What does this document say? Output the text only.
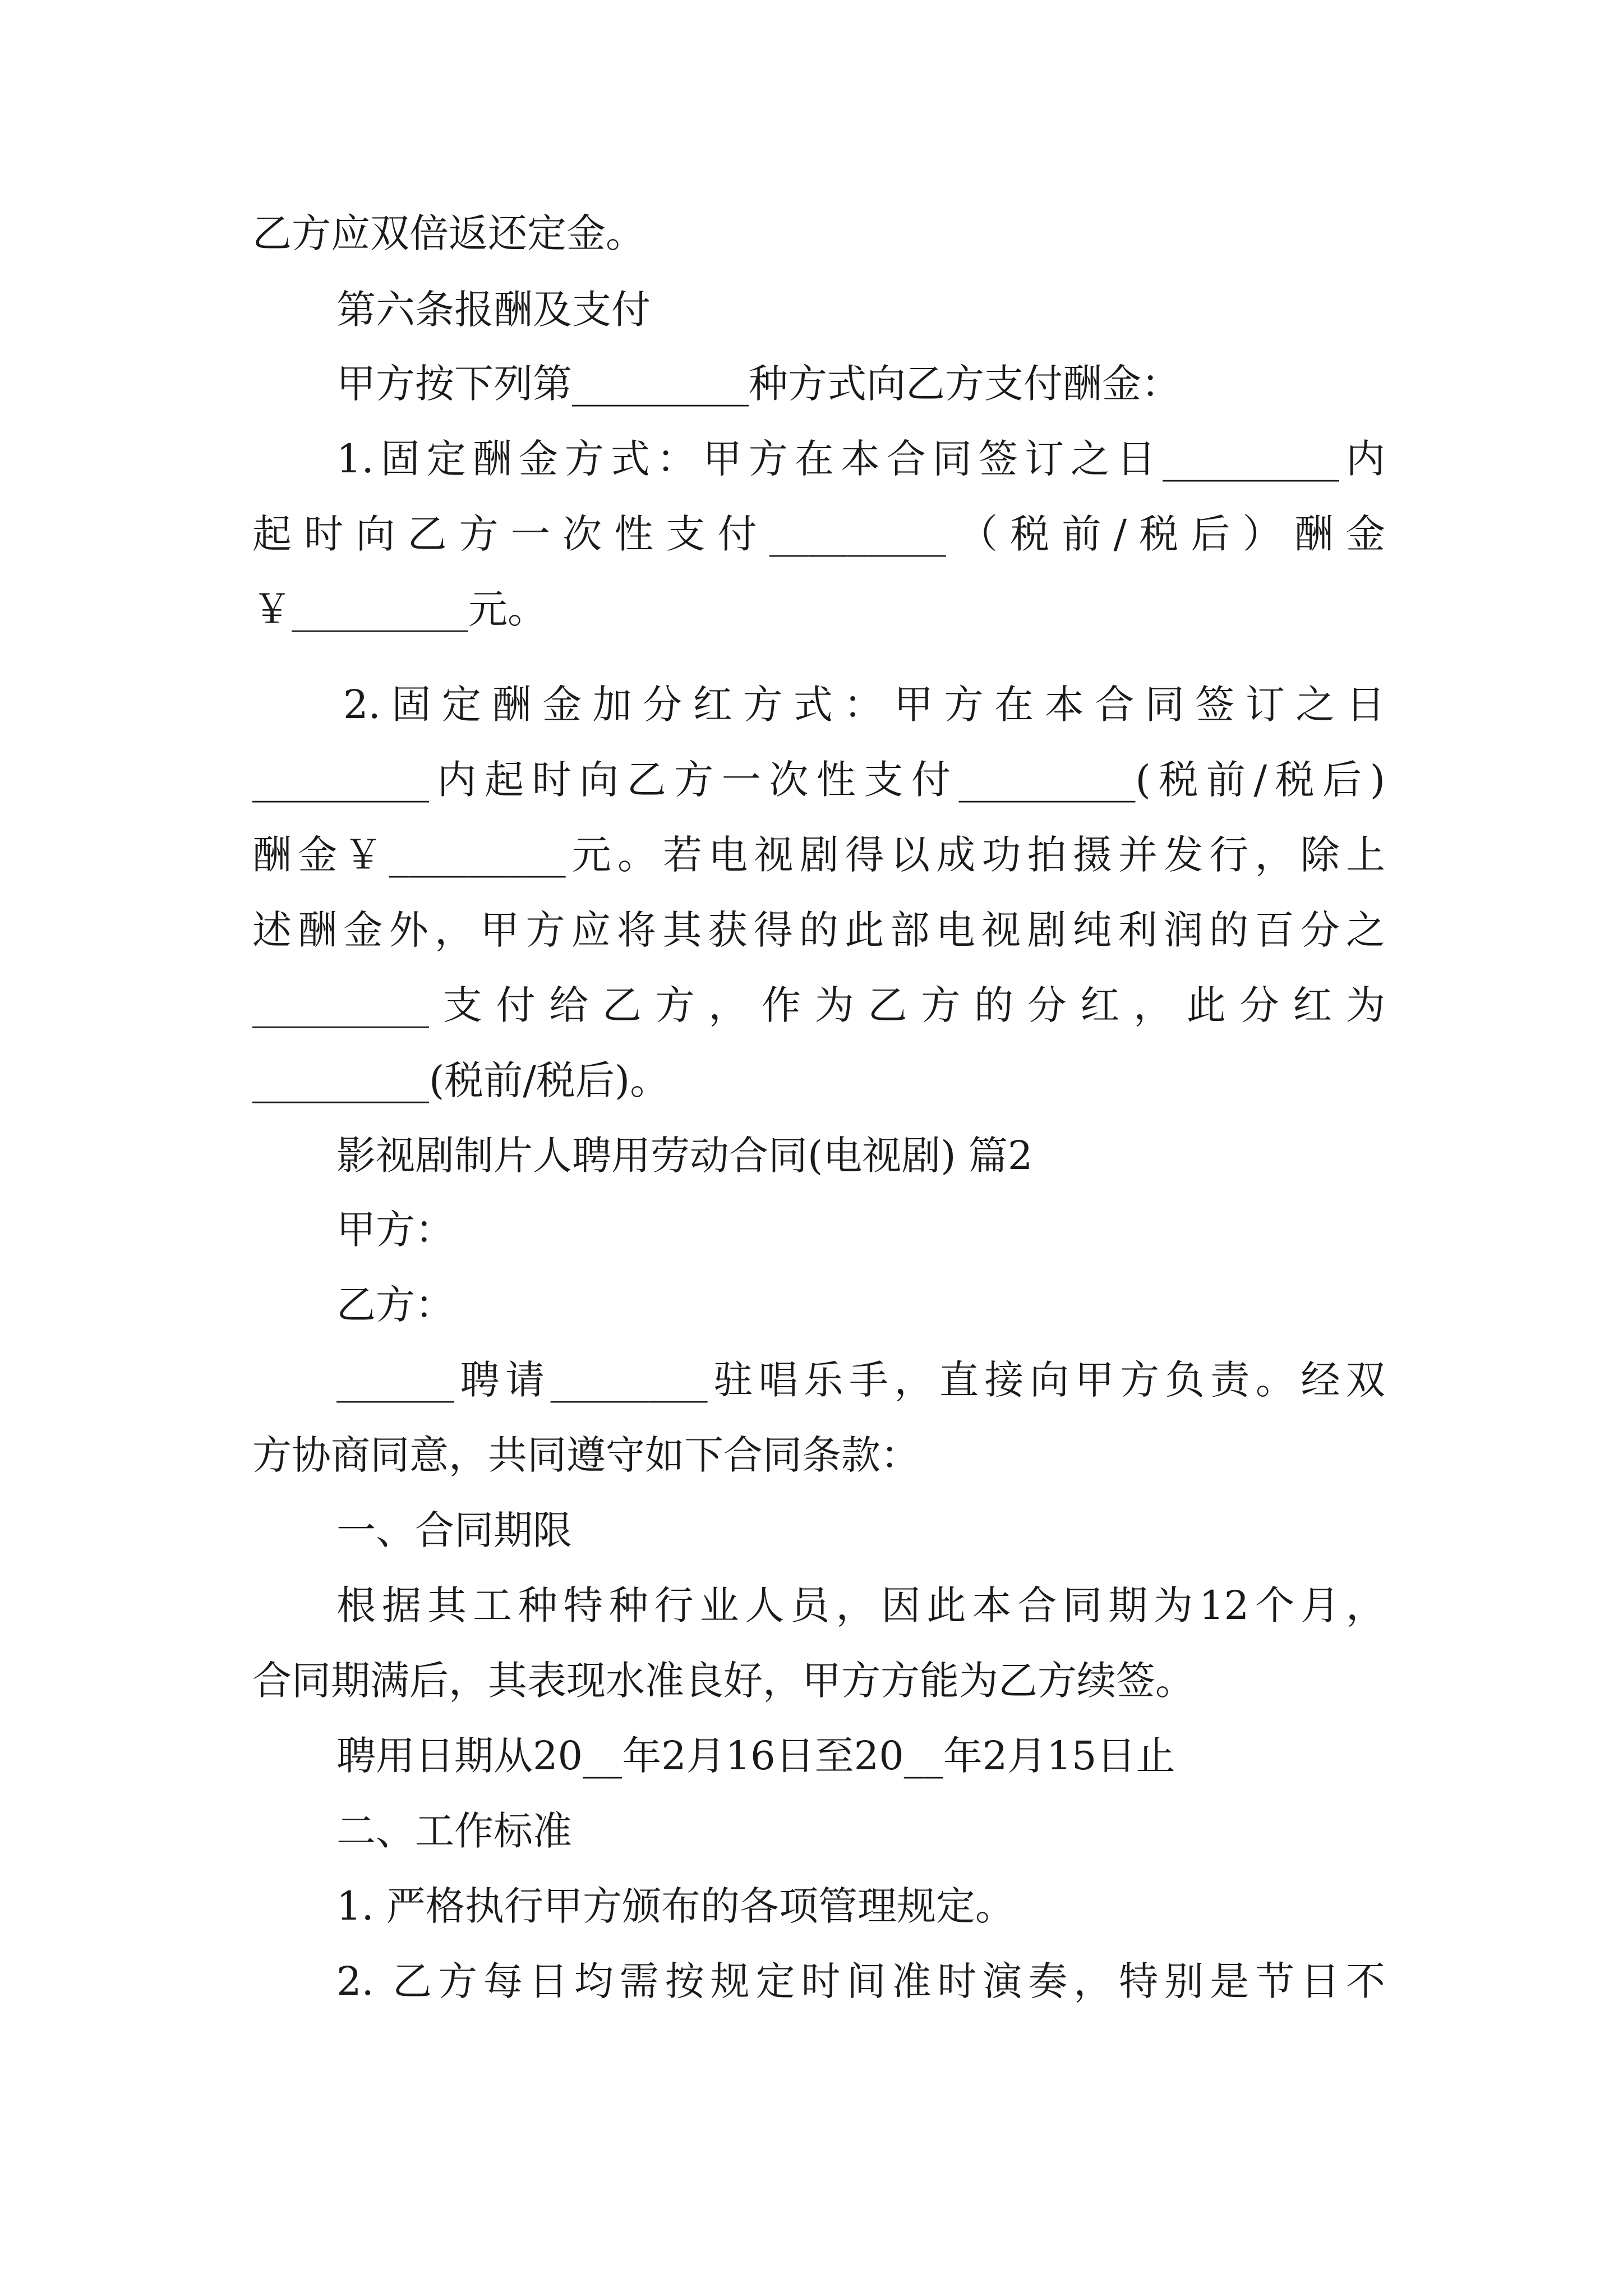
乙方应双倍返还定金。
第六条报酬及支付
甲方按下列第_________种方式向乙方支付酬金：
1.固定酬金方式：甲方在本合同签订之日_________内
起时向乙方一次性支付_________（税前/税后）酬金
￥_________元。
2.固定酬金加分红方式：甲方在本合同签订之日
_________内起时向乙方一次性支付_________(税前/税后)
酬金￥_________元。若电视剧得以成功拍摄并发行，除上
述酬金外，甲方应将其获得的此部电视剧纯利润的百分之
_________支付给乙方，作为乙方的分红，此分红为
_________(税前/税后)。
影视剧制片人聘用劳动合同(电视剧) 篇2
甲方：
乙方：
______聘请________驻唱乐手，直接向甲方负责。经双
方协商同意，共同遵守如下合同条款：
一、合同期限
根据其工种特种行业人员，因此本合同期为12个月，
合同期满后，其表现水准良好，甲方方能为乙方续签。
聘用日期从20__年2月16日至20__年2月15日止
二、工作标准
1. 严格执行甲方颁布的各项管理规定。
2. 乙方每日均需按规定时间准时演奏，特别是节日不
